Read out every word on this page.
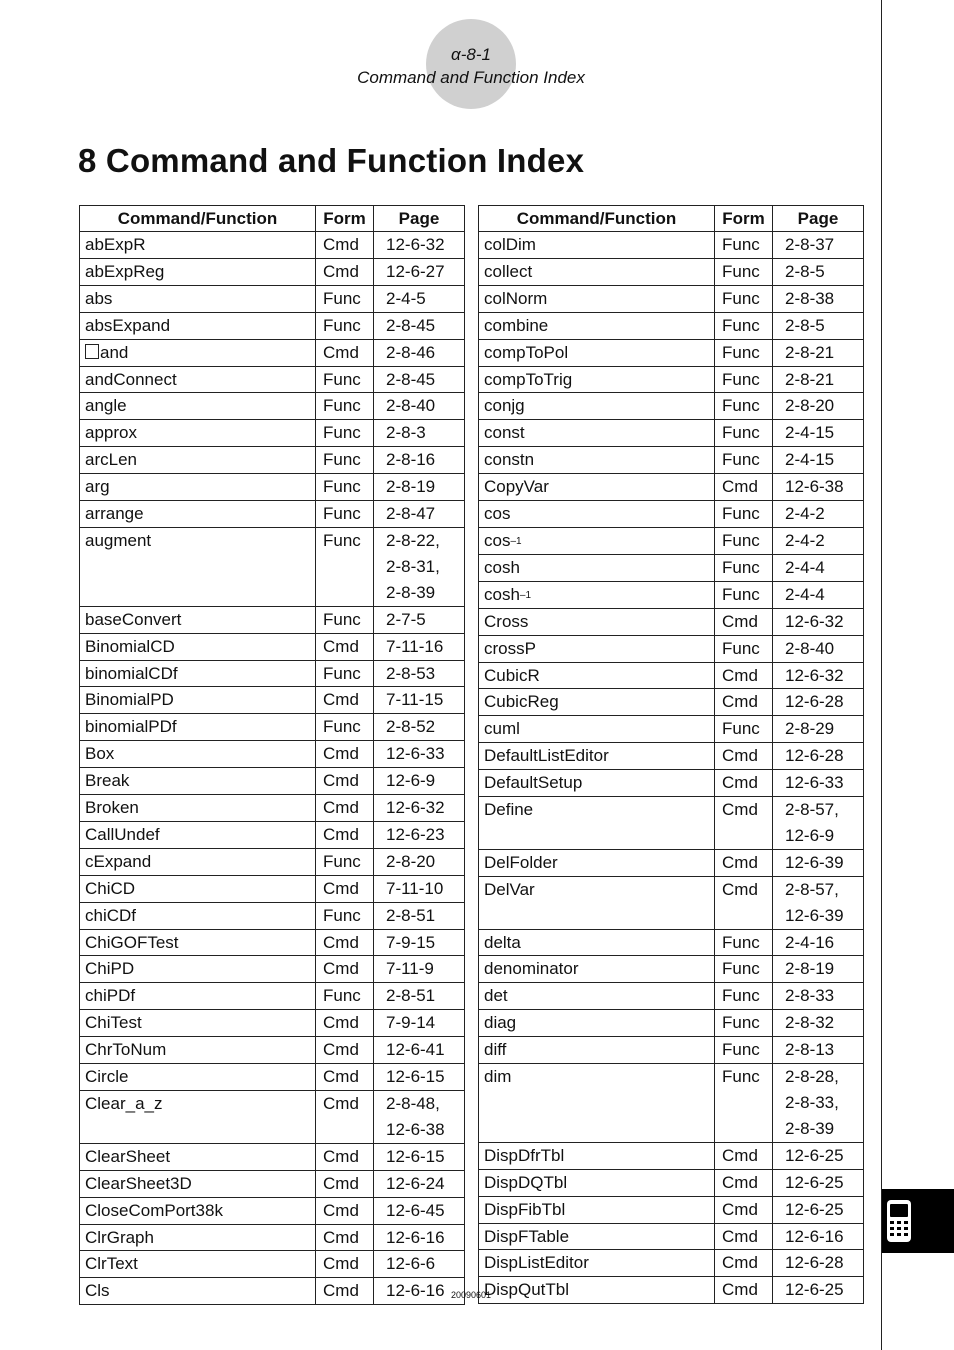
α-8-1
Command and Function Index
8 Command and Function Index
Command/Function	Form	Page
abExpR	Cmd	12-6-32
abExpReg	Cmd	12-6-27
abs	Func	2-4-5
absExpand	Func	2-8-45
and	Cmd	2-8-46
andConnect	Func	2-8-45
angle	Func	2-8-40
approx	Func	2-8-3
arcLen	Func	2-8-16
arg	Func	2-8-19
arrange	Func	2-8-47
augment	Func	2-8-22,
2-8-31,
2-8-39

baseConvert	Func	2-7-5
BinomialCD	Cmd	7-11-16
binomialCDf	Func	2-8-53
BinomialPD	Cmd	7-11-15
binomialPDf	Func	2-8-52
Box	Cmd	12-6-33
Break	Cmd	12-6-9
Broken	Cmd	12-6-32
CallUndef	Cmd	12-6-23
cExpand	Func	2-8-20
ChiCD	Cmd	7-11-10
chiCDf	Func	2-8-51
ChiGOFTest	Cmd	7-9-15
ChiPD	Cmd	7-11-9
chiPDf	Func	2-8-51
ChiTest	Cmd	7-9-14
ChrToNum	Cmd	12-6-41
Circle	Cmd	12-6-15
Clear_a_z	Cmd	2-8-48,
12-6-38

ClearSheet	Cmd	12-6-15
ClearSheet3D	Cmd	12-6-24
CloseComPort38k	Cmd	12-6-45
ClrGraph	Cmd	12-6-16
ClrText	Cmd	12-6-6
Cls	Cmd	12-6-16
Command/Function	Form	Page
colDim	Func	2-8-37
collect	Func	2-8-5
colNorm	Func	2-8-38
combine	Func	2-8-5
compToPol	Func	2-8-21
compToTrig	Func	2-8-21
conjg	Func	2-8-20
const	Func	2-4-15
constn	Func	2-4-15
CopyVar	Cmd	12-6-38
cos	Func	2-4-2
$\cos^{-1}$	Func	2-4-2
cosh	Func	2-4-4
$\cosh^{-1}$	Func	2-4-4
Cross	Cmd	12-6-32
crossP	Func	2-8-40
CubicR	Cmd	12-6-32
CubicReg	Cmd	12-6-28
cuml	Func	2-8-29
DefaultListEditor	Cmd	12-6-28
DefaultSetup	Cmd	12-6-33
Define	Cmd	2-8-57,
12-6-9

DelFolder	Cmd	12-6-39
DelVar	Cmd	2-8-57,
12-6-39

delta	Func	2-4-16
denominator	Func	2-8-19
det	Func	2-8-33
diag	Func	2-8-32
diff	Func	2-8-13
dim	Func	2-8-28,
2-8-33,
2-8-39

DispDfrTbl	Cmd	12-6-25
DispDQTbl	Cmd	12-6-25
DispFibTbl	Cmd	12-6-25
DispFTable	Cmd	12-6-16
DispListEditor	Cmd	12-6-28
DispQutTbl	Cmd	12-6-25
20090601
